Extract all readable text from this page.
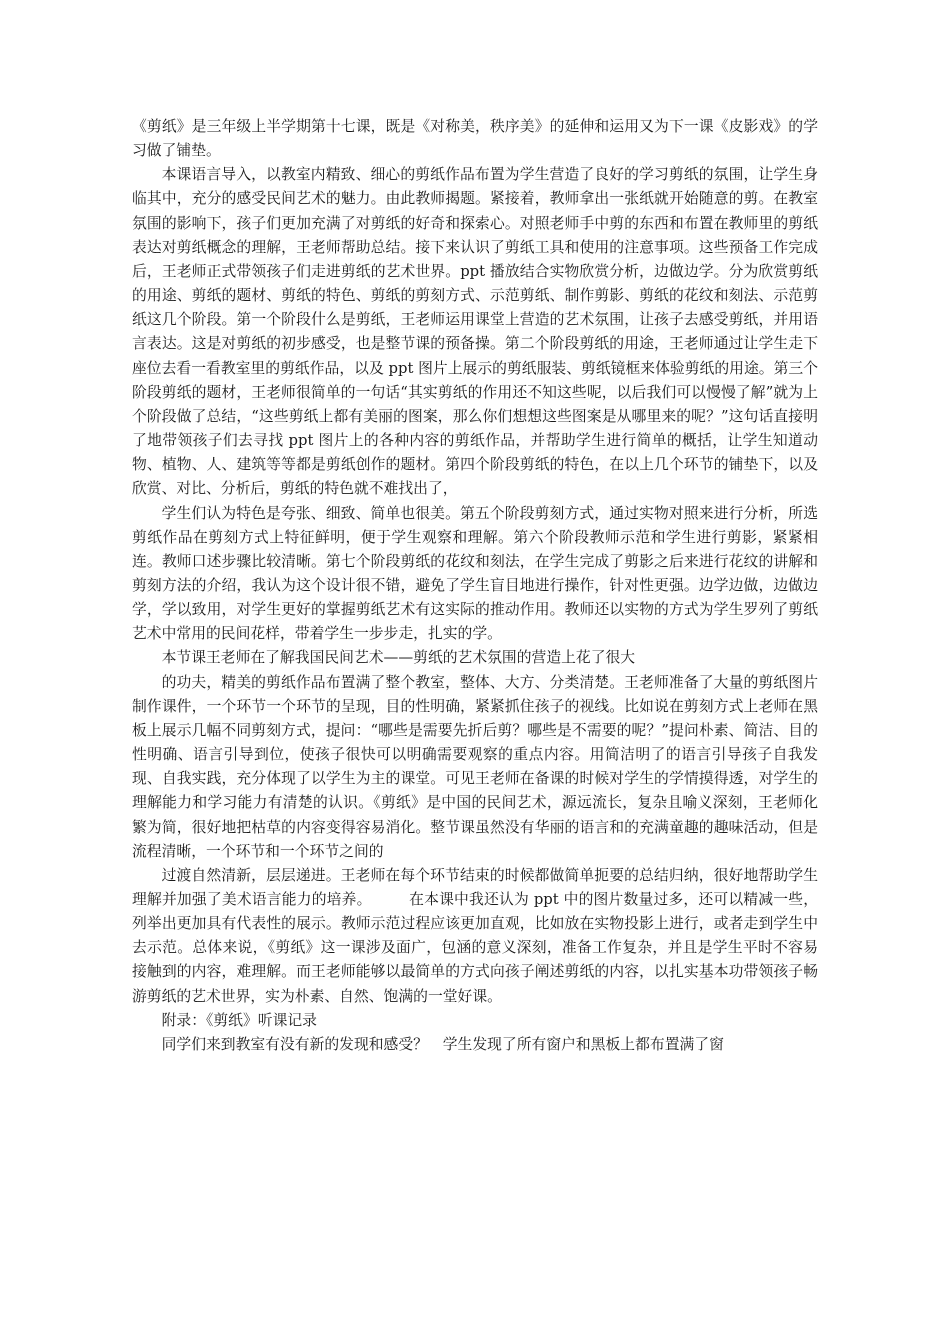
《剪纸》是三年级上半学期第十七课，既是《对称美，秩序美》的延伸和运用又为下一课《皮影戏》的学习做了铺垫。

本课语言导入，以教室内精致、细心的剪纸作品布置为学生营造了良好的学习剪纸的氛围，让学生身临其中，充分的感受民间艺术的魅力。由此教师揭题。紧接着，教师拿出一张纸就开始随意的剪。在教室氛围的影响下，孩子们更加充满了对剪纸的好奇和探索心。对照老师手中剪的东西和布置在教师里的剪纸表达对剪纸概念的理解，王老师帮助总结。接下来认识了剪纸工具和使用的注意事项。这些预备工作完成后，王老师正式带领孩子们走进剪纸的艺术世界。ppt 播放结合实物欣赏分析，边做边学。分为欣赏剪纸的用途、剪纸的题材、剪纸的特色、剪纸的剪刻方式、示范剪纸、制作剪影、剪纸的花纹和刻法、示范剪纸这几个阶段。第一个阶段什么是剪纸，王老师运用课堂上营造的艺术氛围，让孩子去感受剪纸，并用语言表达。这是对剪纸的初步感受，也是整节课的预备操。第二个阶段剪纸的用途，王老师通过让学生走下座位去看一看教室里的剪纸作品，以及 ppt 图片上展示的剪纸服装、剪纸镜框来体验剪纸的用途。第三个阶段剪纸的题材，王老师很简单的一句话“其实剪纸的作用还不知这些呢，以后我们可以慢慢了解”就为上个阶段做了总结，“这些剪纸上都有美丽的图案，那么你们想想这些图案是从哪里来的呢？”这句话直接明了地带领孩子们去寻找 ppt 图片上的各种内容的剪纸作品，并帮助学生进行简单的概括，让学生知道动物、植物、人、建筑等等都是剪纸创作的题材。第四个阶段剪纸的特色，在以上几个环节的铺垫下，以及欣赏、对比、分析后，剪纸的特色就不难找出了，

学生们认为特色是夸张、细致、简单也很美。第五个阶段剪刻方式，通过实物对照来进行分析，所选剪纸作品在剪刻方式上特征鲜明，便于学生观察和理解。第六个阶段教师示范和学生进行剪影，紧紧相连。教师口述步骤比较清晰。第七个阶段剪纸的花纹和刻法，在学生完成了剪影之后来进行花纹的讲解和剪刻方法的介绍，我认为这个设计很不错，避免了学生盲目地进行操作，针对性更强。边学边做，边做边学，学以致用，对学生更好的掌握剪纸艺术有这实际的推动作用。教师还以实物的方式为学生罗列了剪纸艺术中常用的民间花样，带着学生一步步走，扎实的学。

本节课王老师在了解我国民间艺术——剪纸的艺术氛围的营造上花了很大

的功夫，精美的剪纸作品布置满了整个教室，整体、大方、分类清楚。王老师准备了大量的剪纸图片制作课件，一个环节一个环节的呈现，目的性明确，紧紧抓住孩子的视线。比如说在剪刻方式上老师在黑板上展示几幅不同剪刻方式，提问：“哪些是需要先折后剪？哪些是不需要的呢？”提问朴素、简洁、目的性明确、语言引导到位，使孩子很快可以明确需要观察的重点内容。用简洁明了的语言引导孩子自我发现、自我实践，充分体现了以学生为主的课堂。可见王老师在备课的时候对学生的学情摸得透，对学生的理解能力和学习能力有清楚的认识。《剪纸》是中国的民间艺术，源远流长，复杂且喻义深刻，王老师化繁为简，很好地把枯草的内容变得容易消化。整节课虽然没有华丽的语言和的充满童趣的趣味活动，但是流程清晰，一个环节和一个环节之间的

过渡自然清新，层层递进。王老师在每个环节结束的时候都做简单扼要的总结归纳，很好地帮助学生理解并加强了美术语言能力的培养。　　　在本课中我还认为 ppt 中的图片数量过多，还可以精减一些，列举出更加具有代表性的展示。教师示范过程应该更加直观，比如放在实物投影上进行，或者走到学生中去示范。总体来说，《剪纸》这一课涉及面广，包涵的意义深刻，准备工作复杂，并且是学生平时不容易接触到的内容，难理解。而王老师能够以最简单的方式向孩子阐述剪纸的内容，以扎实基本功带领孩子畅游剪纸的艺术世界，实为朴素、自然、饱满的一堂好课。

附录：《剪纸》听课记录

同学们来到教室有没有新的发现和感受？　学生发现了所有窗户和黑板上都布置满了窗
